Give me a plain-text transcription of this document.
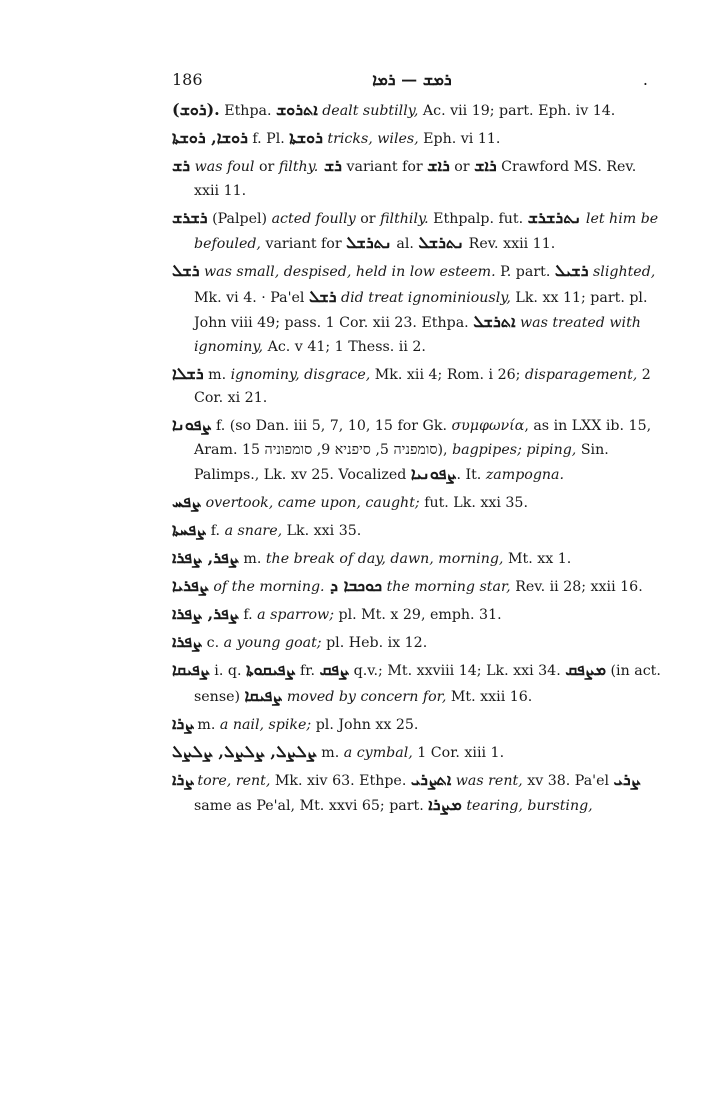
186	ܪܡܫ — ܪܡܐ	.
(ܪܘܫ). Ethpa. ܐܬܪܘܫ dealt subtilly, Ac. vii 19; part. Eph. iv 14.
ܪܘܫܐ, ܪܘܫܬܐ f. Pl. ܪܘܫܬܐ tricks, wiles, Eph. vi 11.
ܪܫ was foul or filthy. ܪܫ variant for ܪܐܫ or ܪܐܫ Crawford MS. Rev. xxii 11.
ܪܫܪܫ (Palpel) acted foully or filthily. Ethpalp. fut. ܢܬܪܫܪܫ let him be befouled, variant for ܢܬܪܫܠ al. ܢܬܪܫܠ Rev. xxii 11.
ܪܫܠ was small, despised, held in low esteem. P. part. ܪܫܝܠ slighted, Mk. vi 4. · Pa'el ܪܫܠ did treat ignominiously, Lk. xx 11; part. pl. John viii 49; pass. 1 Cor. xii 23. Ethpa. ܐܬܪܫܠ was treated with ignominy, Ac. v 41; 1 Thess. ii 2.
ܪܫܠܐ m. ignominy, disgrace, Mk. xii 4; Rom. i 26; disparagement, 2 Cor. xi 21.
ܨܦܘܢܐ f. (so Dan. iii 5, 7, 10, 15 for Gk. συμφωνία, as in LXX ib. 15, Aram.	סומפניה 5, סיפניא 9, סומפוניה 15), bagpipes; piping, Sin. Palimps., Lk. xv 25. Vocalized ܨܦܘܢܝܐ. It. zampogna.
ܨܦܚ overtook, came upon, caught; fut. Lk. xxi 35.
ܨܦܚܬܐ f. a snare, Lk. xxi 35.
ܨܦܪ, ܨܦܪܐ m. the break of day, dawn, morning, Mt. xx 1.
ܨܦܪܝܐ of the morning. ܟܘܟܒܐ ܕ the morning star, Rev. ii 28; xxii 16.
ܨܦܪ, ܨܦܪܐ f. a sparrow; pl. Mt. x 29, emph. 31.
ܨܦܪܐ c. a young goat; pl. Heb. ix 12.
ܨܦܝܩܐ i. q. ܨܦܝܩܘܬܐ fr. ܨܦܩ q.v.; Mt. xxviii 14; Lk. xxi 34. ܡܨܦܩ (in act. sense) ܨܦܝܩܐ moved by concern for, Mt. xxii 16.
ܨܪܐ m. a nail, spike; pl. John xx 25.
ܨܠܨܠ, ܨܠܨܠ, ܨܠܨܠ m. a cymbal, 1 Cor. xiii 1.
ܨܪܐ tore, rent, Mk. xiv 63. Ethpe. ܐܬܨܪܝ was rent, xv 38. Pa'el ܨܪܝ same as Pe'al, Mt. xxvi 65; part. ܡܨܪܐ tearing, bursting,
